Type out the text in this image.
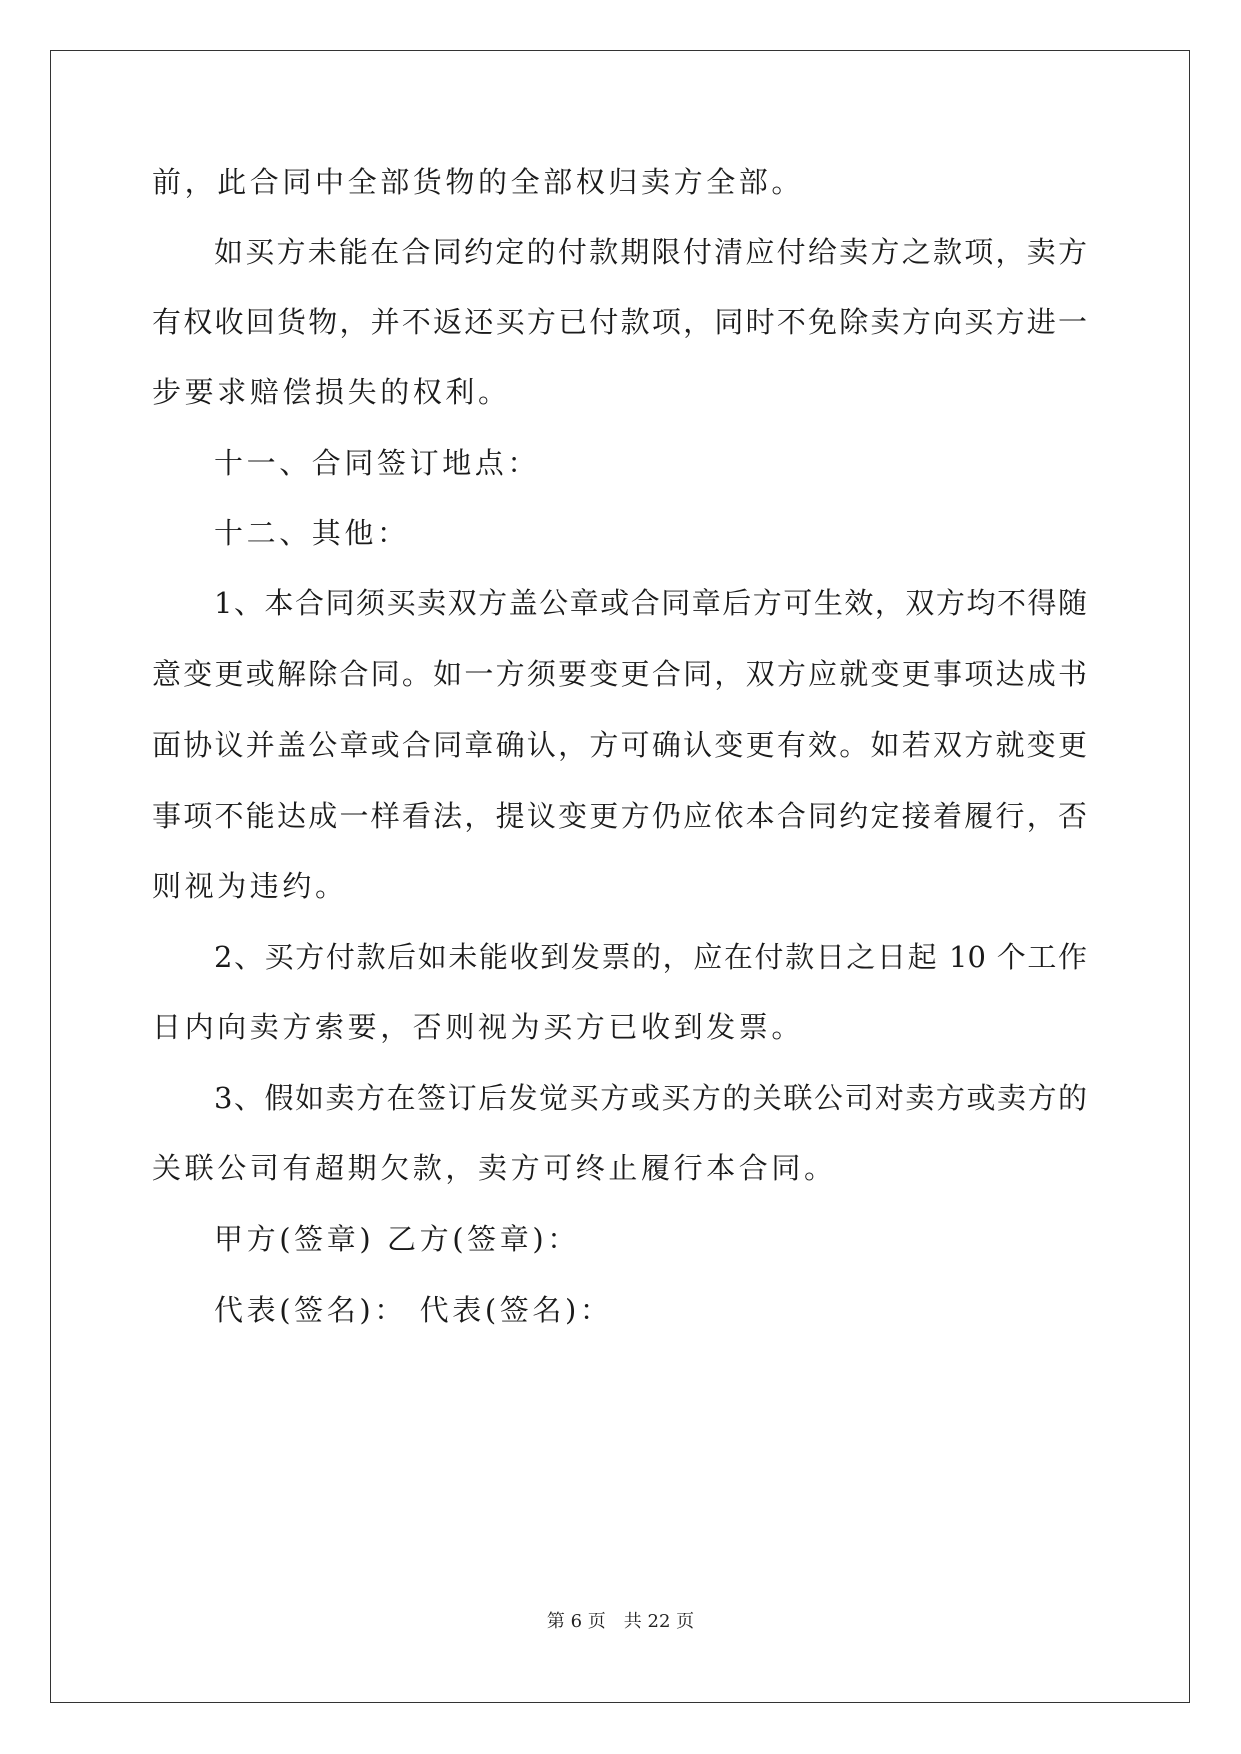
前，此合同中全部货物的全部权归卖方全部。
如买方未能在合同约定的付款期限付清应付给卖方之款项，卖方
有权收回货物，并不返还买方已付款项，同时不免除卖方向买方进一
步要求赔偿损失的权利。
十一、合同签订地点：
十二、其他：
1、本合同须买卖双方盖公章或合同章后方可生效，双方均不得随
意变更或解除合同。如一方须要变更合同，双方应就变更事项达成书
面协议并盖公章或合同章确认，方可确认变更有效。如若双方就变更
事项不能达成一样看法，提议变更方仍应依本合同约定接着履行，否
则视为违约。
2、买方付款后如未能收到发票的，应在付款日之日起 10 个工作
日内向卖方索要，否则视为买方已收到发票。
3、假如卖方在签订后发觉买方或买方的关联公司对卖方或卖方的
关联公司有超期欠款，卖方可终止履行本合同。
甲方(签章) 乙方(签章)：
代表(签名)： 代表(签名)：
第 6 页 共 22 页
